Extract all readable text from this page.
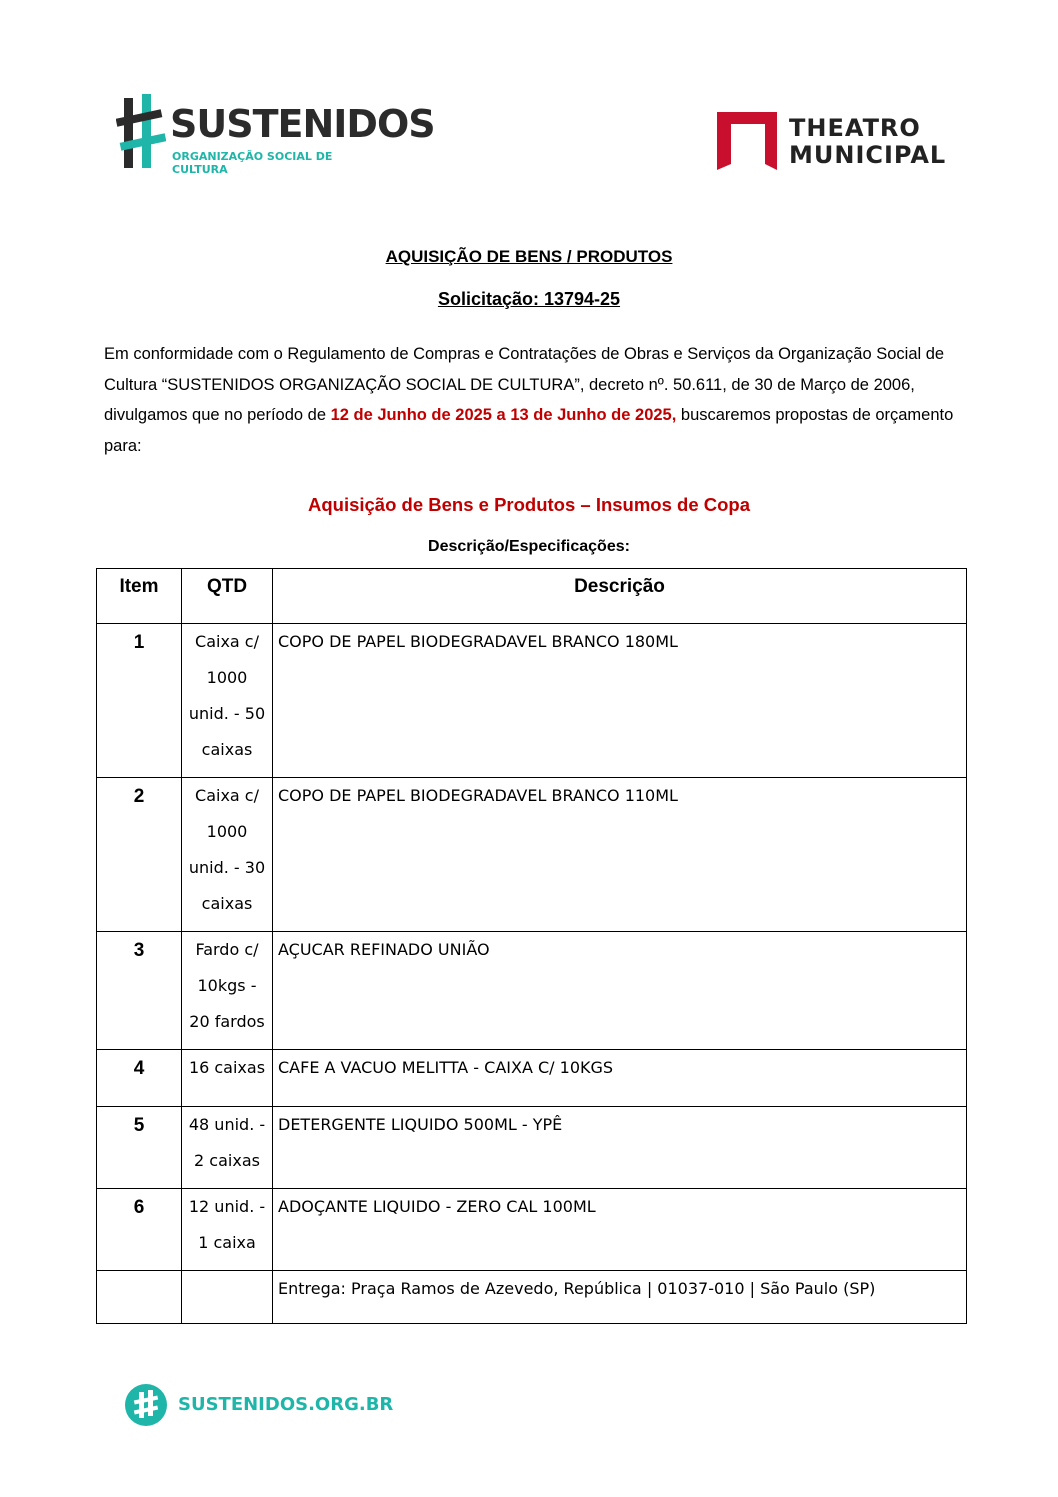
SUSTENIDOS
ORGANIZAÇÃO SOCIAL DE CULTURA
THEATRO
MUNICIPAL
AQUISIÇÃO DE BENS / PRODUTOS
Solicitação: 13794-25
Em conformidade com o Regulamento de Compras e Contratações de Obras e Serviços da Organização Social de Cultura “SUSTENIDOS ORGANIZAÇÃO SOCIAL DE CULTURA”, decreto nº. 50.611, de 30 de Março de 2006, divulgamos que no período de 12 de Junho de 2025 a 13 de Junho de 2025, buscaremos propostas de orçamento para:
Aquisição de Bens e Produtos – Insumos de Copa
Descrição/Especificações:
Item	QTD	Descrição
1	Caixa c/ 1000 unid. - 50 caixas	COPO DE PAPEL BIODEGRADAVEL BRANCO 180ML
2	Caixa c/ 1000 unid. - 30 caixas	COPO DE PAPEL BIODEGRADAVEL BRANCO 110ML
3	Fardo c/ 10kgs - 20 fardos	AÇUCAR REFINADO UNIÃO
4	16 caixas	CAFE A VACUO MELITTA - CAIXA C/ 10KGS
5	48 unid. - 2 caixas	DETERGENTE LIQUIDO 500ML - YPÊ
6	12 unid. - 1 caixa	ADOÇANTE LIQUIDO - ZERO CAL 100ML
		Entrega: Praça Ramos de Azevedo, República | 01037-010 | São Paulo (SP)
SUSTENIDOS.ORG.BR
